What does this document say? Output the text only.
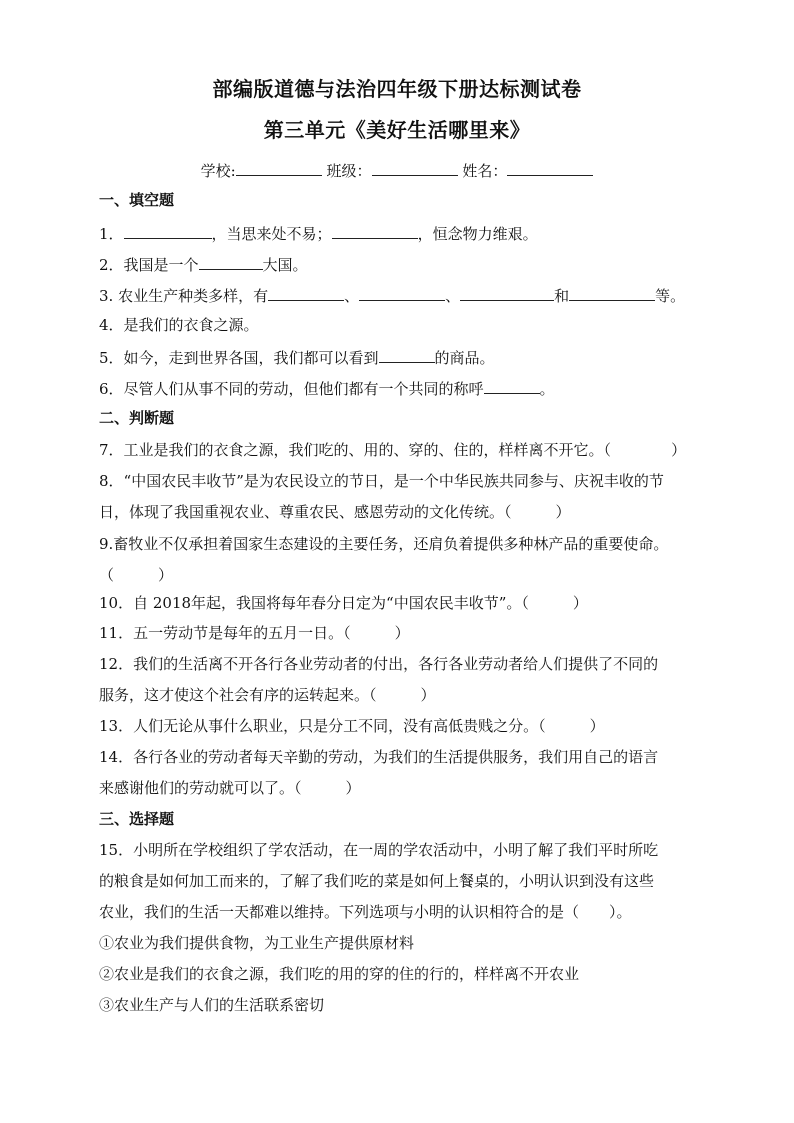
部编版道德与法治四年级下册达标测试卷
第三单元《美好生活哪里来》
学校:	班级：	姓名：
一、填空题
1．	，当思来处不易；	，恒念物力维艰。
2．我国是一个	大国。
3. 农业生产种类多样，有	、	、	和	等。
4．是我们的衣食之源。
5．如今，走到世界各国，我们都可以看到	的商品。
6．尽管人们从事不同的劳动，但他们都有一个共同的称呼	。
二、判断题
7．工业是我们的衣食之源，我们吃的、用的、穿的、住的，样样离不开它。（	）
8．“中国农民丰收节”是为农民设立的节日，是一个中华民族共同参与、庆祝丰收的节
日，体现了我国重视农业、尊重农民、感恩劳动的文化传统。（	）
9.畜牧业不仅承担着国家生态建设的主要任务，还肩负着提供多种林产品的重要使命。
（	）
10．自 2018年起，我国将每年春分日定为“中国农民丰收节”。（	）
11．五一劳动节是每年的五月一日。（	）
12．我们的生活离不开各行各业劳动者的付出，各行各业劳动者给人们提供了不同的
服务，这才使这个社会有序的运转起来。（	）
13．人们无论从事什么职业，只是分工不同，没有高低贵贱之分。（	）
14．各行各业的劳动者每天辛勤的劳动，为我们的生活提供服务，我们用自己的语言
来感谢他们的劳动就可以了。（	）
三、选择题
15．小明所在学校组织了学农活动，在一周的学农活动中，小明了解了我们平时所吃
的粮食是如何加工而来的，了解了我们吃的菜是如何上餐桌的，小明认识到没有这些
农业，我们的生活一天都难以维持。下列选项与小明的认识相符合的是（　　）。
①农业为我们提供食物，为工业生产提供原材料
②农业是我们的衣食之源，我们吃的用的穿的住的行的，样样离不开农业
③农业生产与人们的生活联系密切
